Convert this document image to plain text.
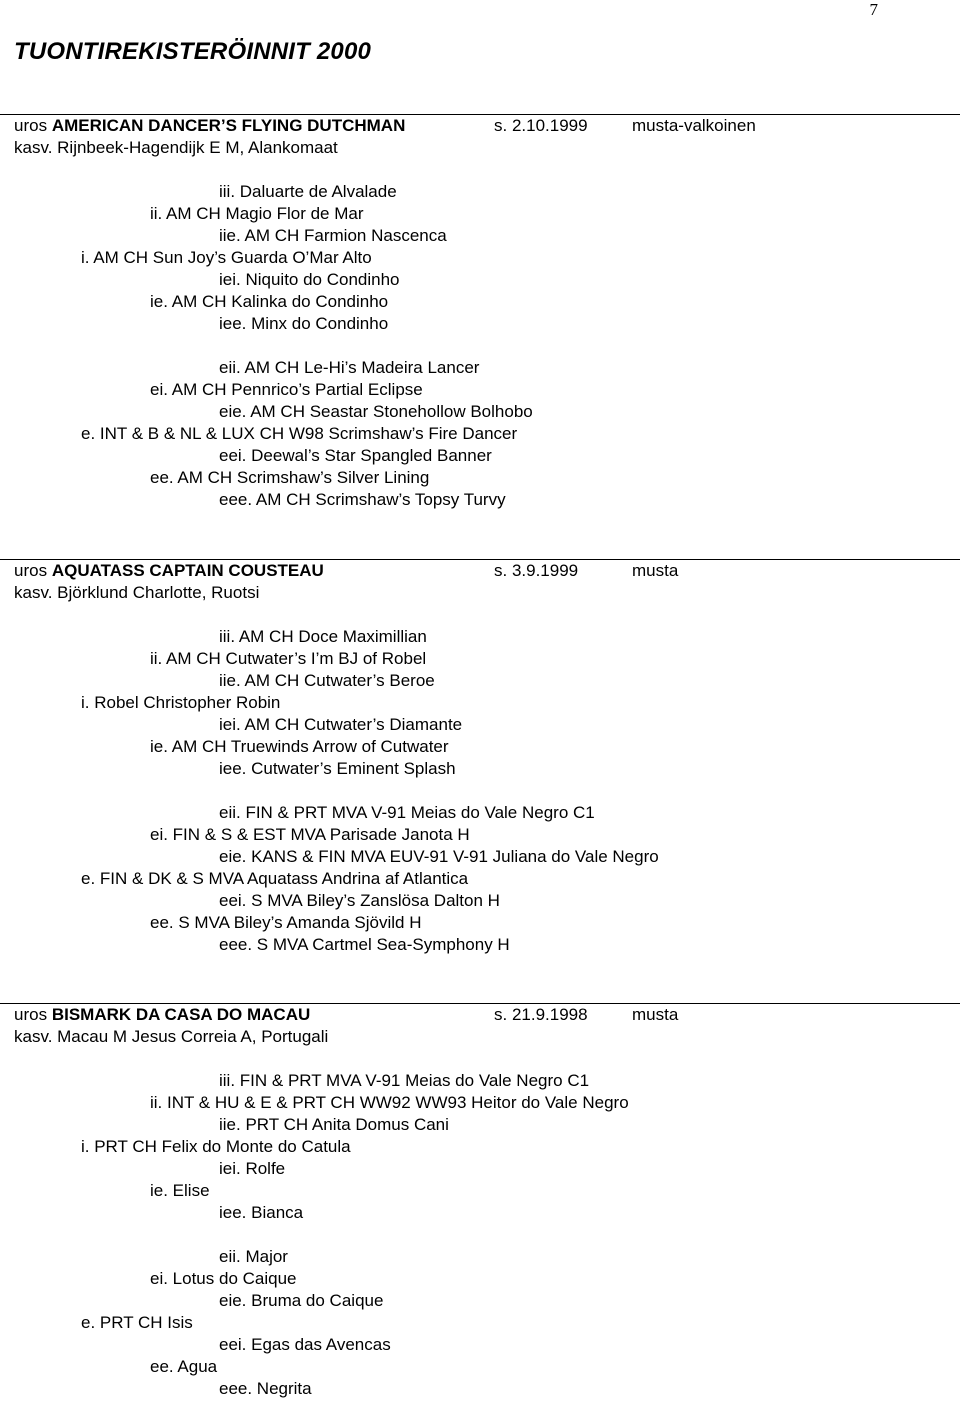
7
TUONTIREKISTERÖINNIT 2000
uros AMERICAN DANCER’S FLYING DUTCHMAN	s. 2.10.1999	musta-valkoinen
kasv. Rijnbeek-Hagendijk E M, Alankomaat
iii. Daluarte de Alvalade
ii. AM CH Magio Flor de Mar
iie. AM CH Farmion Nascenca
i. AM CH Sun Joy’s Guarda O’Mar Alto
iei. Niquito do Condinho
ie. AM CH Kalinka do Condinho
iee. Minx do Condinho
eii. AM CH Le-Hi’s Madeira Lancer
ei. AM CH Pennrico’s Partial Eclipse
eie. AM CH Seastar Stonehollow Bolhobo
e. INT & B & NL & LUX CH W98 Scrimshaw’s Fire Dancer
eei. Deewal’s Star Spangled Banner
ee. AM CH Scrimshaw’s Silver Lining
eee. AM CH Scrimshaw’s Topsy Turvy
uros AQUATASS CAPTAIN COUSTEAU	s. 3.9.1999	musta
kasv. Björklund Charlotte, Ruotsi
iii. AM CH Doce Maximillian
ii. AM CH Cutwater’s I’m BJ of Robel
iie. AM CH Cutwater’s Beroe
i. Robel Christopher Robin
iei. AM CH Cutwater’s Diamante
ie. AM CH Truewinds Arrow of Cutwater
iee. Cutwater’s Eminent Splash
eii. FIN & PRT MVA V-91 Meias do Vale Negro C1
ei. FIN & S & EST MVA Parisade Janota H
eie. KANS & FIN MVA EUV-91 V-91 Juliana do Vale Negro
e. FIN & DK & S MVA Aquatass Andrina af Atlantica
eei. S MVA Biley’s Zanslösa Dalton H
ee. S MVA Biley’s Amanda Sjövild H
eee. S MVA Cartmel Sea-Symphony H
uros BISMARK DA CASA DO MACAU	s. 21.9.1998	musta
kasv. Macau M Jesus Correia A, Portugali
iii. FIN & PRT MVA V-91 Meias do Vale Negro C1
ii. INT & HU & E & PRT CH WW92 WW93 Heitor do Vale Negro
iie. PRT CH Anita Domus Cani
i. PRT CH Felix do Monte do Catula
iei. Rolfe
ie. Elise
iee. Bianca
eii. Major
ei. Lotus do Caique
eie. Bruma do Caique
e. PRT CH Isis
eei. Egas das Avencas
ee. Agua
eee. Negrita
